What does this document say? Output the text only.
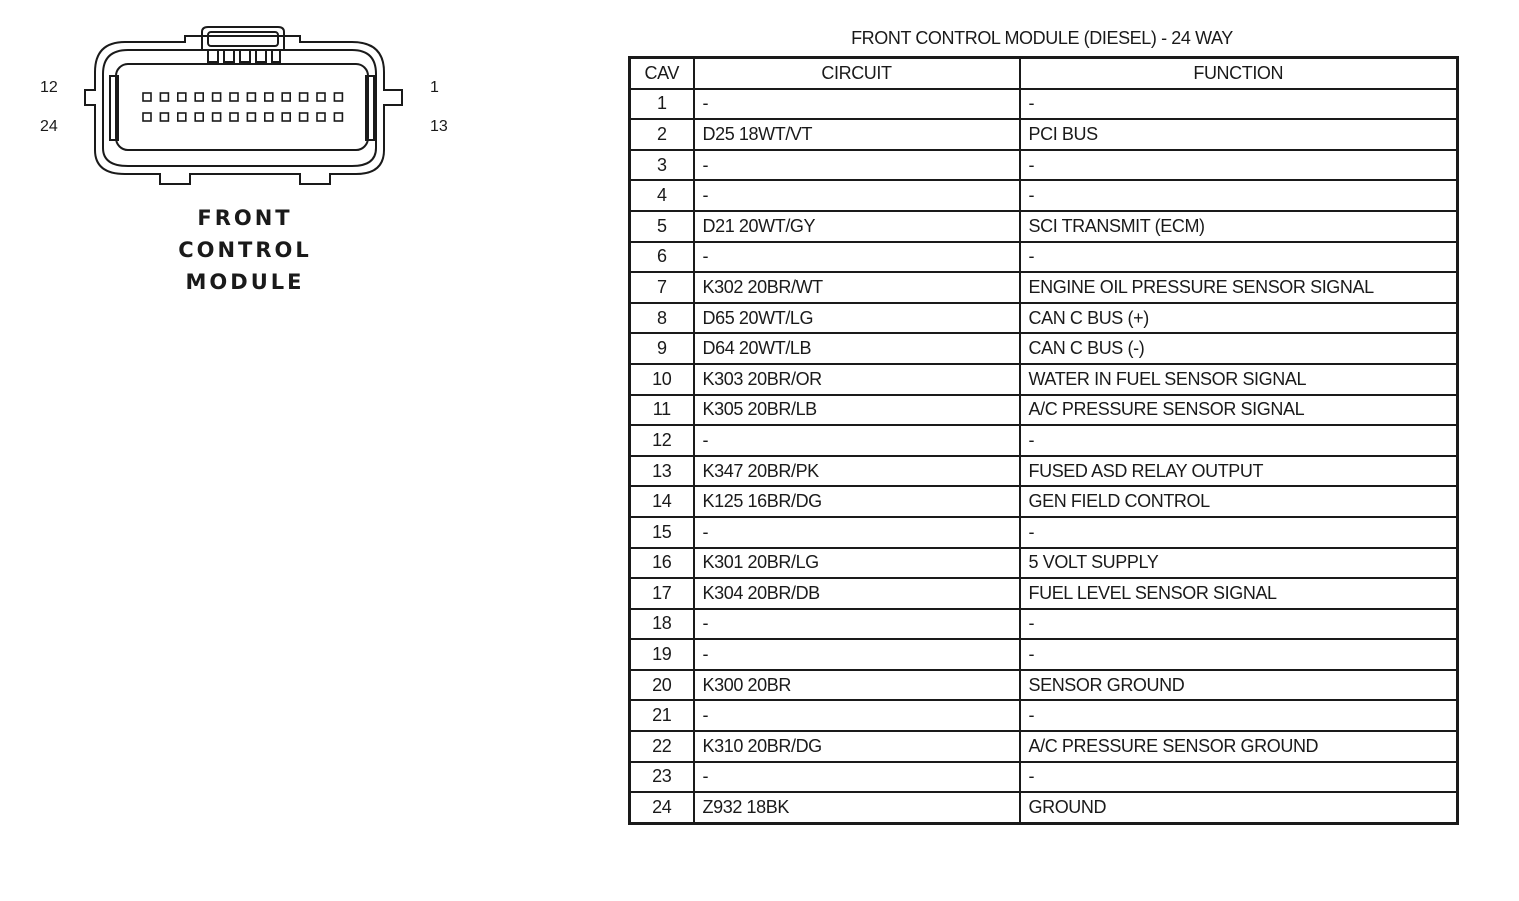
12
24
1
13
FRONT
CONTROL
MODULE
FRONT CONTROL MODULE (DIESEL) - 24 WAY
CAV	CIRCUIT	FUNCTION
1	-	-
2	D25 18WT/VT	PCI BUS
3	-	-
4	-	-
5	D21 20WT/GY	SCI TRANSMIT (ECM)
6	-	-
7	K302 20BR/WT	ENGINE OIL PRESSURE SENSOR SIGNAL
8	D65 20WT/LG	CAN C BUS (+)
9	D64 20WT/LB	CAN C BUS (-)
10	K303 20BR/OR	WATER IN FUEL SENSOR SIGNAL
11	K305 20BR/LB	A/C PRESSURE SENSOR SIGNAL
12	-	-
13	K347 20BR/PK	FUSED ASD RELAY OUTPUT
14	K125 16BR/DG	GEN FIELD CONTROL
15	-	-
16	K301 20BR/LG	5 VOLT SUPPLY
17	K304 20BR/DB	FUEL LEVEL SENSOR SIGNAL
18	-	-
19	-	-
20	K300 20BR	SENSOR GROUND
21	-	-
22	K310 20BR/DG	A/C PRESSURE SENSOR GROUND
23	-	-
24	Z932 18BK	GROUND
